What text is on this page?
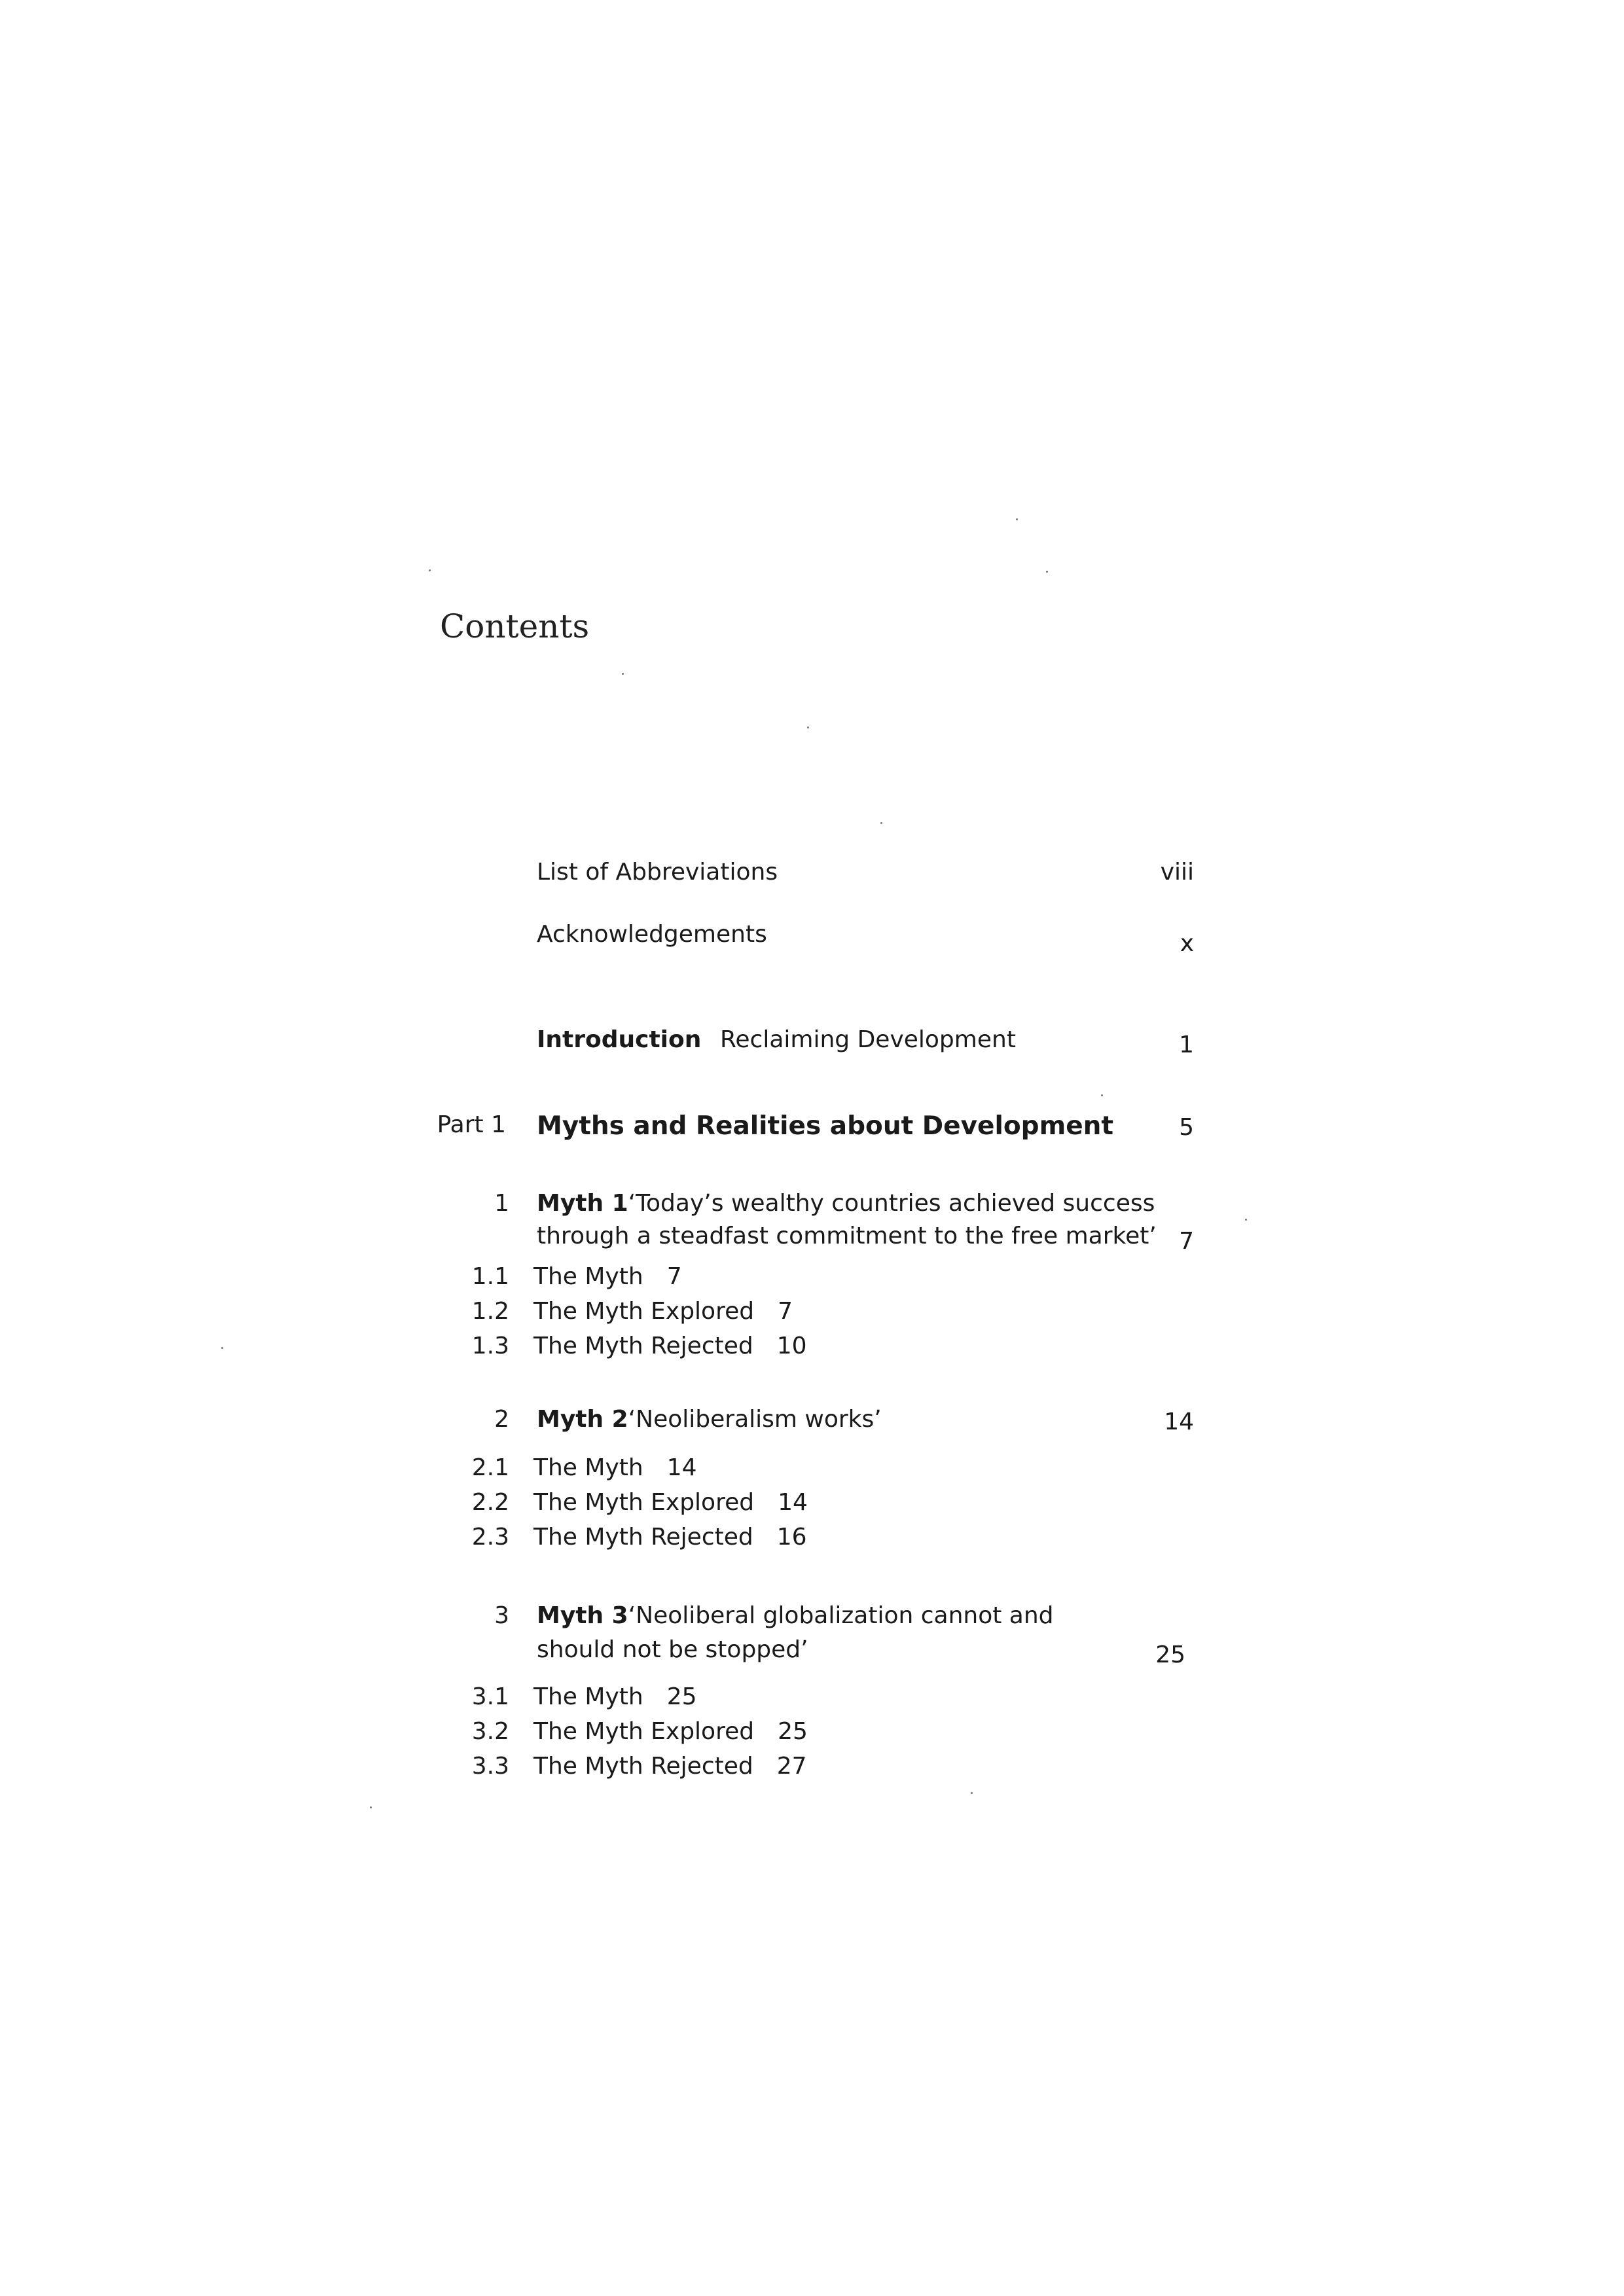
Contents
List of Abbreviations	viii
Acknowledgements	x
Introduction Reclaiming Development	1
Part 1 Myths and Realities about Development	5
1 Myth 1
‘Today’s wealthy countries achieved success
through a steadfast commitment to the free market’ 7
1.1 The Myth 7
1.2 The Myth Explored 7
1.3 The Myth Rejected 10
2 Myth 2
‘Neoliberalism works’	14
2.1 The Myth 14
2.2 The Myth Explored 14
2.3 The Myth Rejected 16
3 Myth 3
‘Neoliberal globalization cannot and
should not be stopped’	25
3.1 The Myth 25
3.2 The Myth Explored 25
3.3 The Myth Rejected 27
